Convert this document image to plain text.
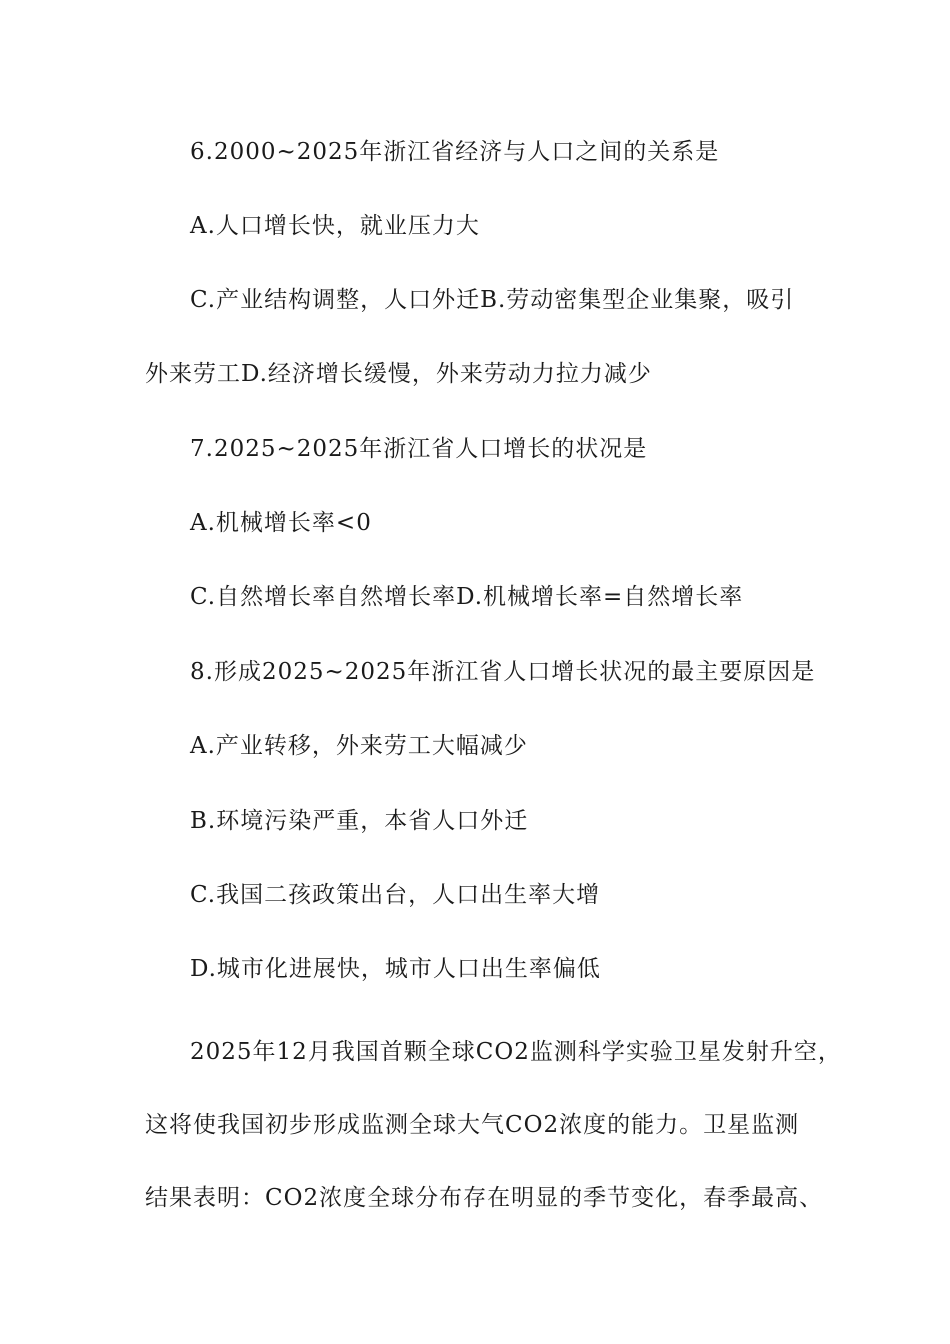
6.2000~2025年浙江省经济与人口之间的关系是
A.人口增长快，就业压力大
C.产业结构调整，人口外迁B.劳动密集型企业集聚，吸引
外来劳工D.经济增长缓慢，外来劳动力拉力减少
7.2025~2025年浙江省人口增长的状况是
A.机械增长率<0
C.自然增长率自然增长率D.机械增长率=自然增长率
8.形成2025~2025年浙江省人口增长状况的最主要原因是
A.产业转移，外来劳工大幅减少
B.环境污染严重，本省人口外迁
C.我国二孩政策出台，人口出生率大增
D.城市化进展快，城市人口出生率偏低
2025年12月我国首颗全球CO2监测科学实验卫星发射升空，
这将使我国初步形成监测全球大气CO2浓度的能力。卫星监测
结果表明：CO2浓度全球分布存在明显的季节变化，春季最高、
